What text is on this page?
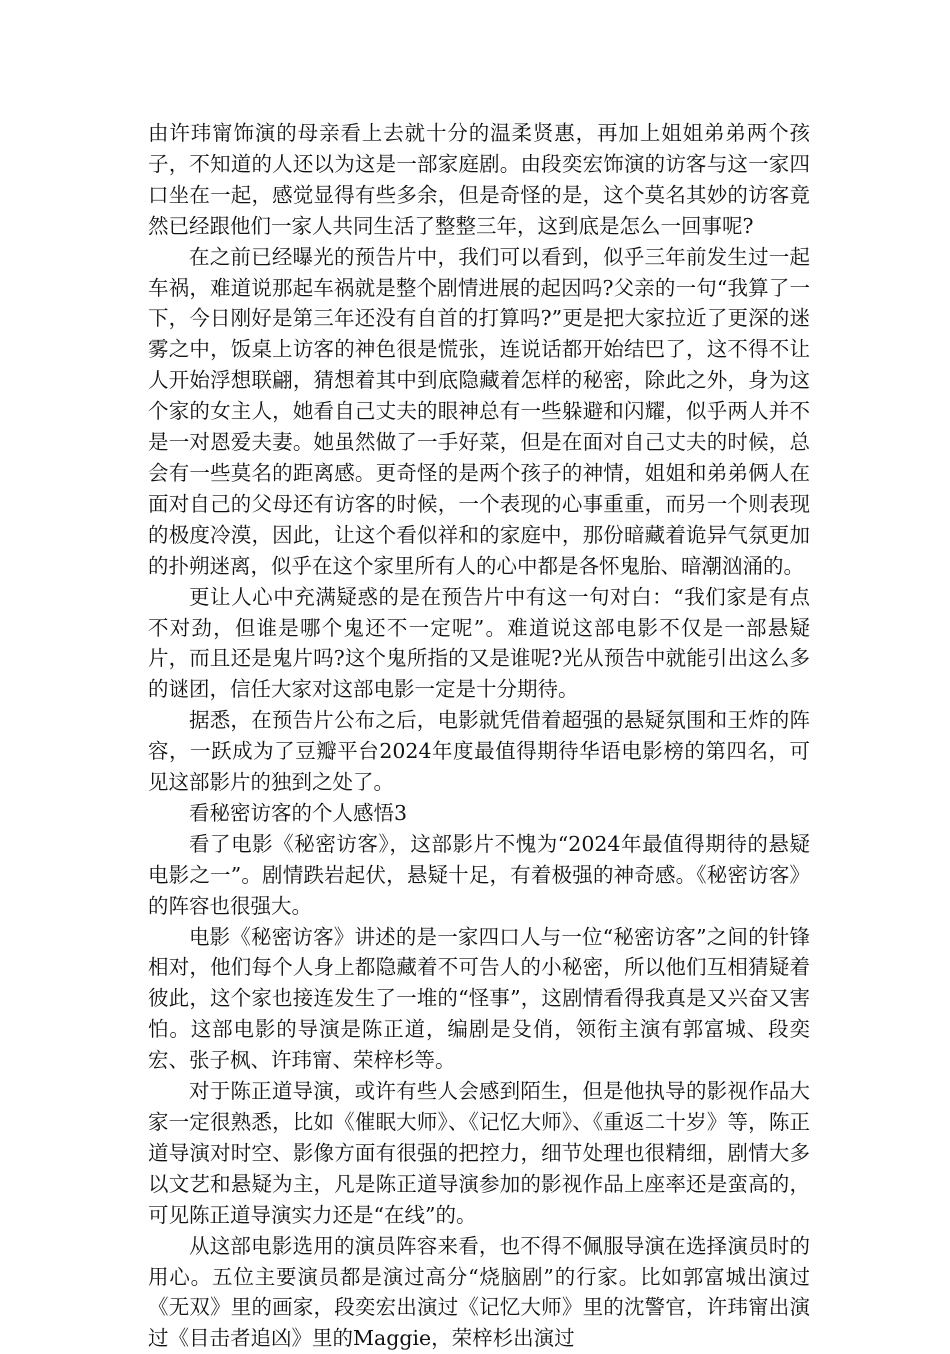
由许玮甯饰演的母亲看上去就十分的温柔贤惠，再加上姐姐弟弟两个孩子，不知道的人还以为这是一部家庭剧。由段奕宏饰演的访客与这一家四口坐在一起，感觉显得有些多余，但是奇怪的是，这个莫名其妙的访客竟然已经跟他们一家人共同生活了整整三年，这到底是怎么一回事呢?

在之前已经曝光的预告片中，我们可以看到，似乎三年前发生过一起车祸，难道说那起车祸就是整个剧情进展的起因吗?父亲的一句“我算了一下，今日刚好是第三年还没有自首的打算吗?”更是把大家拉近了更深的迷雾之中，饭桌上访客的神色很是慌张，连说话都开始结巴了，这不得不让人开始浮想联翩，猜想着其中到底隐藏着怎样的秘密，除此之外，身为这个家的女主人，她看自己丈夫的眼神总有一些躲避和闪耀，似乎两人并不是一对恩爱夫妻。她虽然做了一手好菜，但是在面对自己丈夫的时候，总会有一些莫名的距离感。更奇怪的是两个孩子的神情，姐姐和弟弟俩人在面对自己的父母还有访客的时候，一个表现的心事重重，而另一个则表现的极度冷漠，因此，让这个看似祥和的家庭中，那份暗藏着诡异气氛更加的扑朔迷离，似乎在这个家里所有人的心中都是各怀鬼胎、暗潮汹涌的。

更让人心中充满疑惑的是在预告片中有这一句对白：“我们家是有点不对劲，但谁是哪个鬼还不一定呢”。难道说这部电影不仅是一部悬疑片，而且还是鬼片吗?这个鬼所指的又是谁呢?光从预告中就能引出这么多的谜团，信任大家对这部电影一定是十分期待。

据悉，在预告片公布之后，电影就凭借着超强的悬疑氛围和王炸的阵容，一跃成为了豆瓣平台2024年度最值得期待华语电影榜的第四名，可见这部影片的独到之处了。

看秘密访客的个人感悟3

看了电影《秘密访客》，这部影片不愧为“2024年最值得期待的悬疑电影之一”。剧情跌岩起伏，悬疑十足，有着极强的神奇感。《秘密访客》的阵容也很强大。

电影《秘密访客》讲述的是一家四口人与一位“秘密访客”之间的针锋相对，他们每个人身上都隐藏着不可告人的小秘密，所以他们互相猜疑着彼此，这个家也接连发生了一堆的“怪事”，这剧情看得我真是又兴奋又害怕。这部电影的导演是陈正道，编剧是殳俏，领衔主演有郭富城、段奕宏、张子枫、许玮甯、荣梓杉等。

对于陈正道导演，或许有些人会感到陌生，但是他执导的影视作品大家一定很熟悉，比如《催眠大师》、《记忆大师》、《重返二十岁》等，陈正道导演对时空、影像方面有很强的把控力，细节处理也很精细，剧情大多以文艺和悬疑为主，凡是陈正道导演参加的影视作品上座率还是蛮高的，可见陈正道导演实力还是“在线”的。

从这部电影选用的演员阵容来看，也不得不佩服导演在选择演员时的用心。五位主要演员都是演过高分“烧脑剧”的行家。比如郭富城出演过《无双》里的画家，段奕宏出演过《记忆大师》里的沈警官，许玮甯出演过《目击者追凶》里的Maggie，荣梓杉出演过
